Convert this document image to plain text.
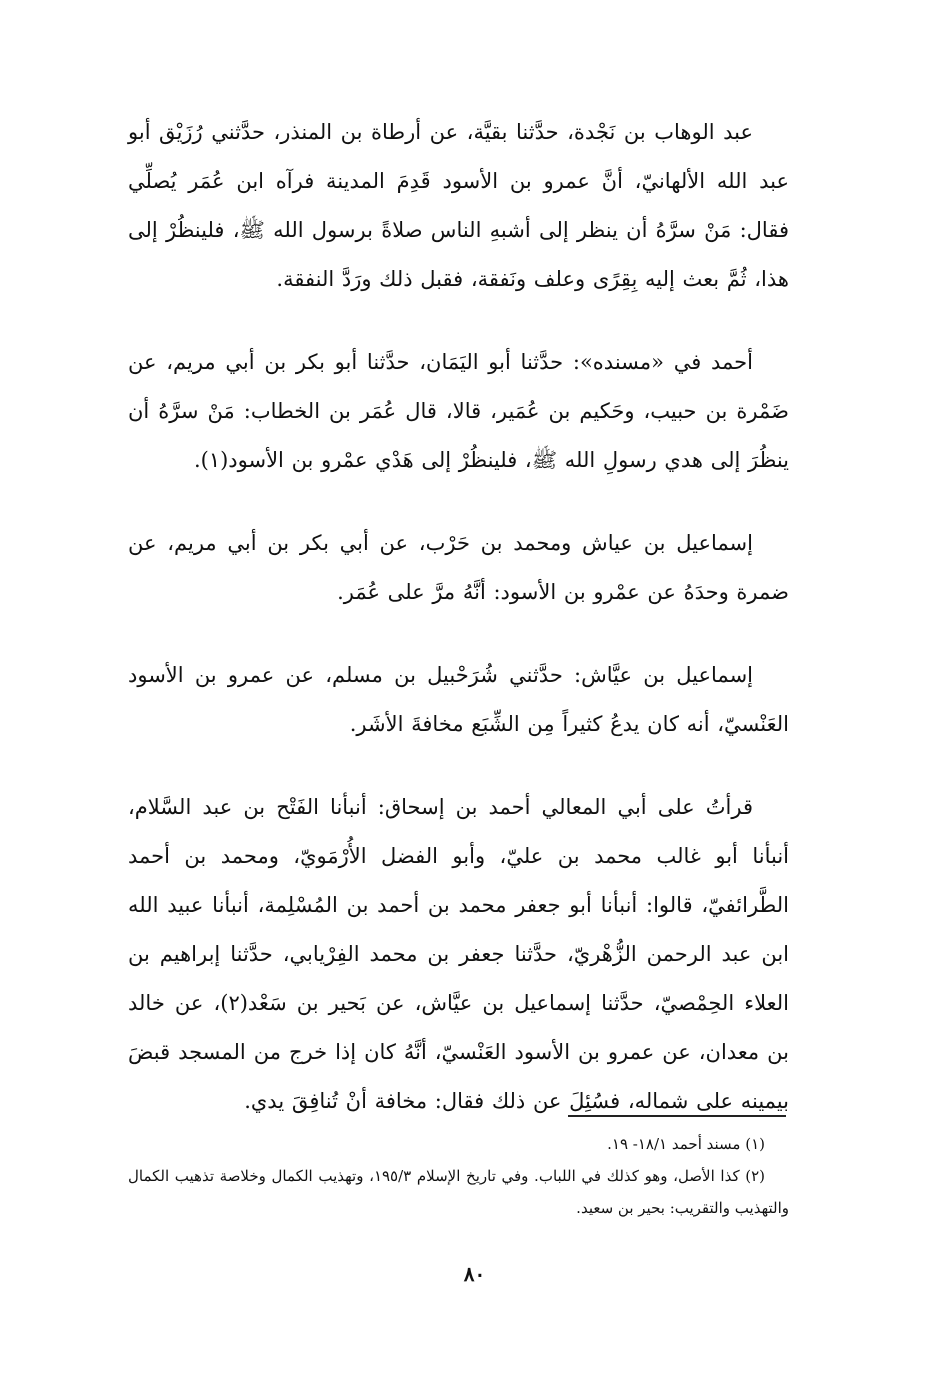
عبد الوهاب بن نَجْدة، حدَّثنا بقيَّة، عن أرطاة بن المنذر، حدَّثني رُزَيْق أبو عبد الله الألهانيّ، أنَّ عمرو بن الأسود قَدِمَ المدينة فرآه ابن عُمَر يُصلِّي فقال: مَنْ سرَّهُ أن ينظر إلى أشبهِ الناس صلاةً برسول الله ﷺ، فلينظُرْ إلى هذا، ثُمَّ بعث إليه بِقِرًى وعلف ونَفقة، فقبل ذلك ورَدَّ النفقة.

أحمد في «مسنده»: حدَّثنا أبو اليَمَان، حدَّثنا أبو بكر بن أبي مريم، عن ضَمْرة بن حبيب، وحَكيم بن عُمَير، قالا، قال عُمَر بن الخطاب: مَنْ سرَّهُ أن ينظُرَ إلى هدي رسولِ الله ﷺ، فلينظُرْ إلى هَدْي عمْرو بن الأسود(١).

إسماعيل بن عياش ومحمد بن حَرْب، عن أبي بكر بن أبي مريم، عن ضمرة وحدَهُ عن عمْرو بن الأسود: أنَّهُ مرَّ على عُمَر.

إسماعيل بن عيَّاش: حدَّثني شُرَحْبيل بن مسلم، عن عمرو بن الأسود العَنْسيّ، أنه كان يدعُ كثيراً مِن الشِّبَع مخافةَ الأشَر.

قرأتُ على أبي المعالي أحمد بن إسحاق: أنبأنا الفَتْح بن عبد السَّلام، أنبأنا أبو غالب محمد بن عليّ، وأبو الفضل الأُرْمَويّ، ومحمد بن أحمد الطَّرائفيّ، قالوا: أنبأنا أبو جعفر محمد بن أحمد بن المُسْلِمة، أنبأنا عبيد الله ابن عبد الرحمن الزُّهْريّ، حدَّثنا جعفر بن محمد الفِرْيابي، حدَّثنا إبراهيم بن العلاء الحِمْصيّ، حدَّثنا إسماعيل بن عيَّاش، عن بَحير بن سَعْد(٢)، عن خالد بن معدان، عن عمرو بن الأسود العَنْسيّ، أنَّهُ كان إذا خرج من المسجد قبضَ بيمينه على شماله، فسُئِلَ عن ذلك فقال: مخافة أنْ تُنافِقَ يدي.

(١) مسند أحمد ١٨/١- ١٩.

(٢) كذا الأصل، وهو كذلك في اللباب. وفي تاريخ الإسلام ١٩٥/٣، وتهذيب الكمال وخلاصة تذهيب الكمال والتهذيب والتقريب: بحير بن سعيد.

٨٠
